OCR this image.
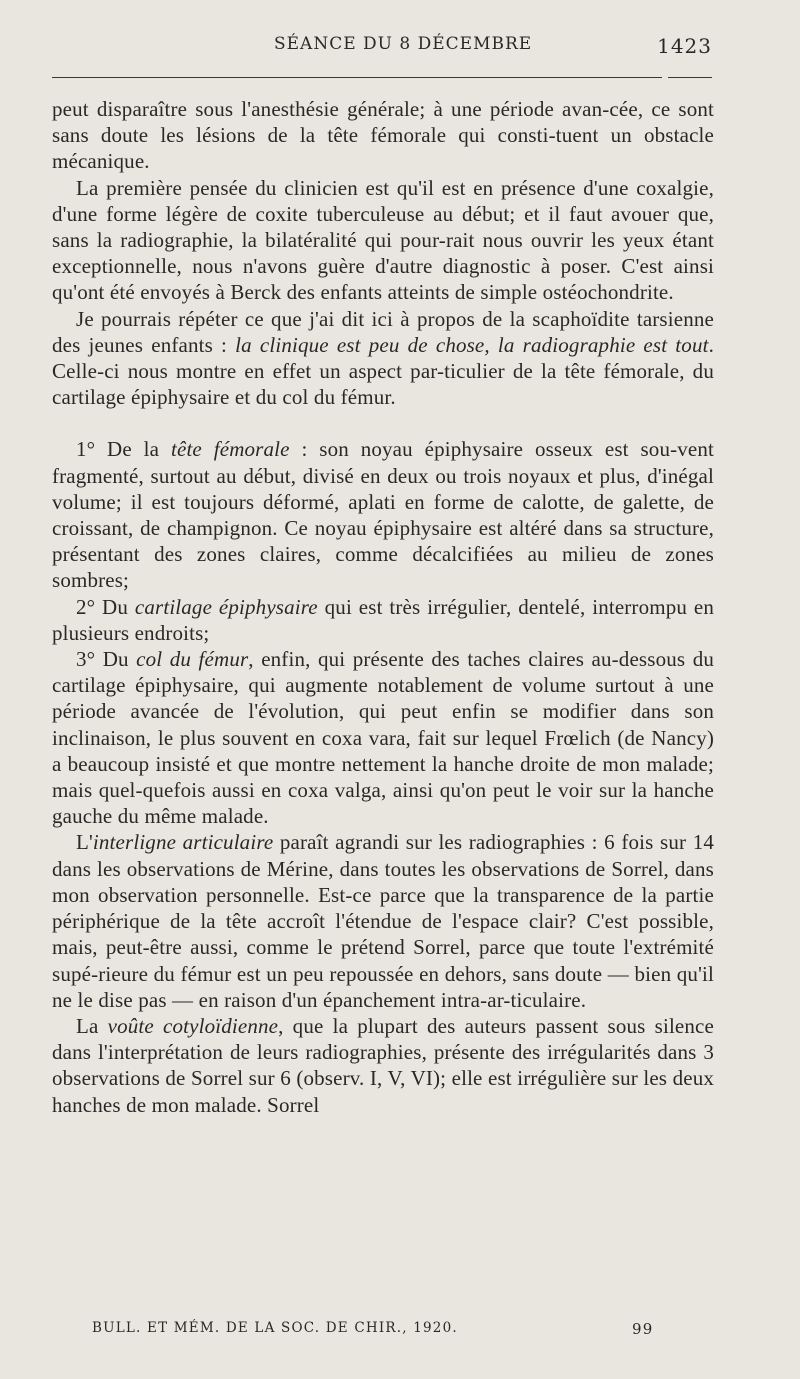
SÉANCE DU 8 DÉCEMBRE	1423

peut disparaître sous l'anesthésie générale; à une période avan-cée, ce sont sans doute les lésions de la tête fémorale qui consti-tuent un obstacle mécanique.

La première pensée du clinicien est qu'il est en présence d'une coxalgie, d'une forme légère de coxite tuberculeuse au début; et il faut avouer que, sans la radiographie, la bilatéralité qui pour-rait nous ouvrir les yeux étant exceptionnelle, nous n'avons guère d'autre diagnostic à poser. C'est ainsi qu'ont été envoyés à Berck des enfants atteints de simple ostéochondrite.

Je pourrais répéter ce que j'ai dit ici à propos de la scaphoïdite tarsienne des jeunes enfants : la clinique est peu de chose, la radiographie est tout. Celle-ci nous montre en effet un aspect par-ticulier de la tête fémorale, du cartilage épiphysaire et du col du fémur.

1° De la tête fémorale : son noyau épiphysaire osseux est sou-vent fragmenté, surtout au début, divisé en deux ou trois noyaux et plus, d'inégal volume; il est toujours déformé, aplati en forme de calotte, de galette, de croissant, de champignon. Ce noyau épiphysaire est altéré dans sa structure, présentant des zones claires, comme décalcifiées au milieu de zones sombres;

2° Du cartilage épiphysaire qui est très irrégulier, dentelé, interrompu en plusieurs endroits;

3° Du col du fémur, enfin, qui présente des taches claires au-dessous du cartilage épiphysaire, qui augmente notablement de volume surtout à une période avancée de l'évolution, qui peut enfin se modifier dans son inclinaison, le plus souvent en coxa vara, fait sur lequel Frœlich (de Nancy) a beaucoup insisté et que montre nettement la hanche droite de mon malade; mais quel-quefois aussi en coxa valga, ainsi qu'on peut le voir sur la hanche gauche du même malade.

L'interligne articulaire paraît agrandi sur les radiographies : 6 fois sur 14 dans les observations de Mérine, dans toutes les observations de Sorrel, dans mon observation personnelle. Est-ce parce que la transparence de la partie périphérique de la tête accroît l'étendue de l'espace clair? C'est possible, mais, peut-être aussi, comme le prétend Sorrel, parce que toute l'extrémité supé-rieure du fémur est un peu repoussée en dehors, sans doute — bien qu'il ne le dise pas — en raison d'un épanchement intra-ar-ticulaire.

La voûte cotyloïdienne, que la plupart des auteurs passent sous silence dans l'interprétation de leurs radiographies, présente des irrégularités dans 3 observations de Sorrel sur 6 (observ. I, V, VI); elle est irrégulière sur les deux hanches de mon malade. Sorrel

BULL. ET MÉM. DE LA SOC. DE CHIR., 1920.	99
